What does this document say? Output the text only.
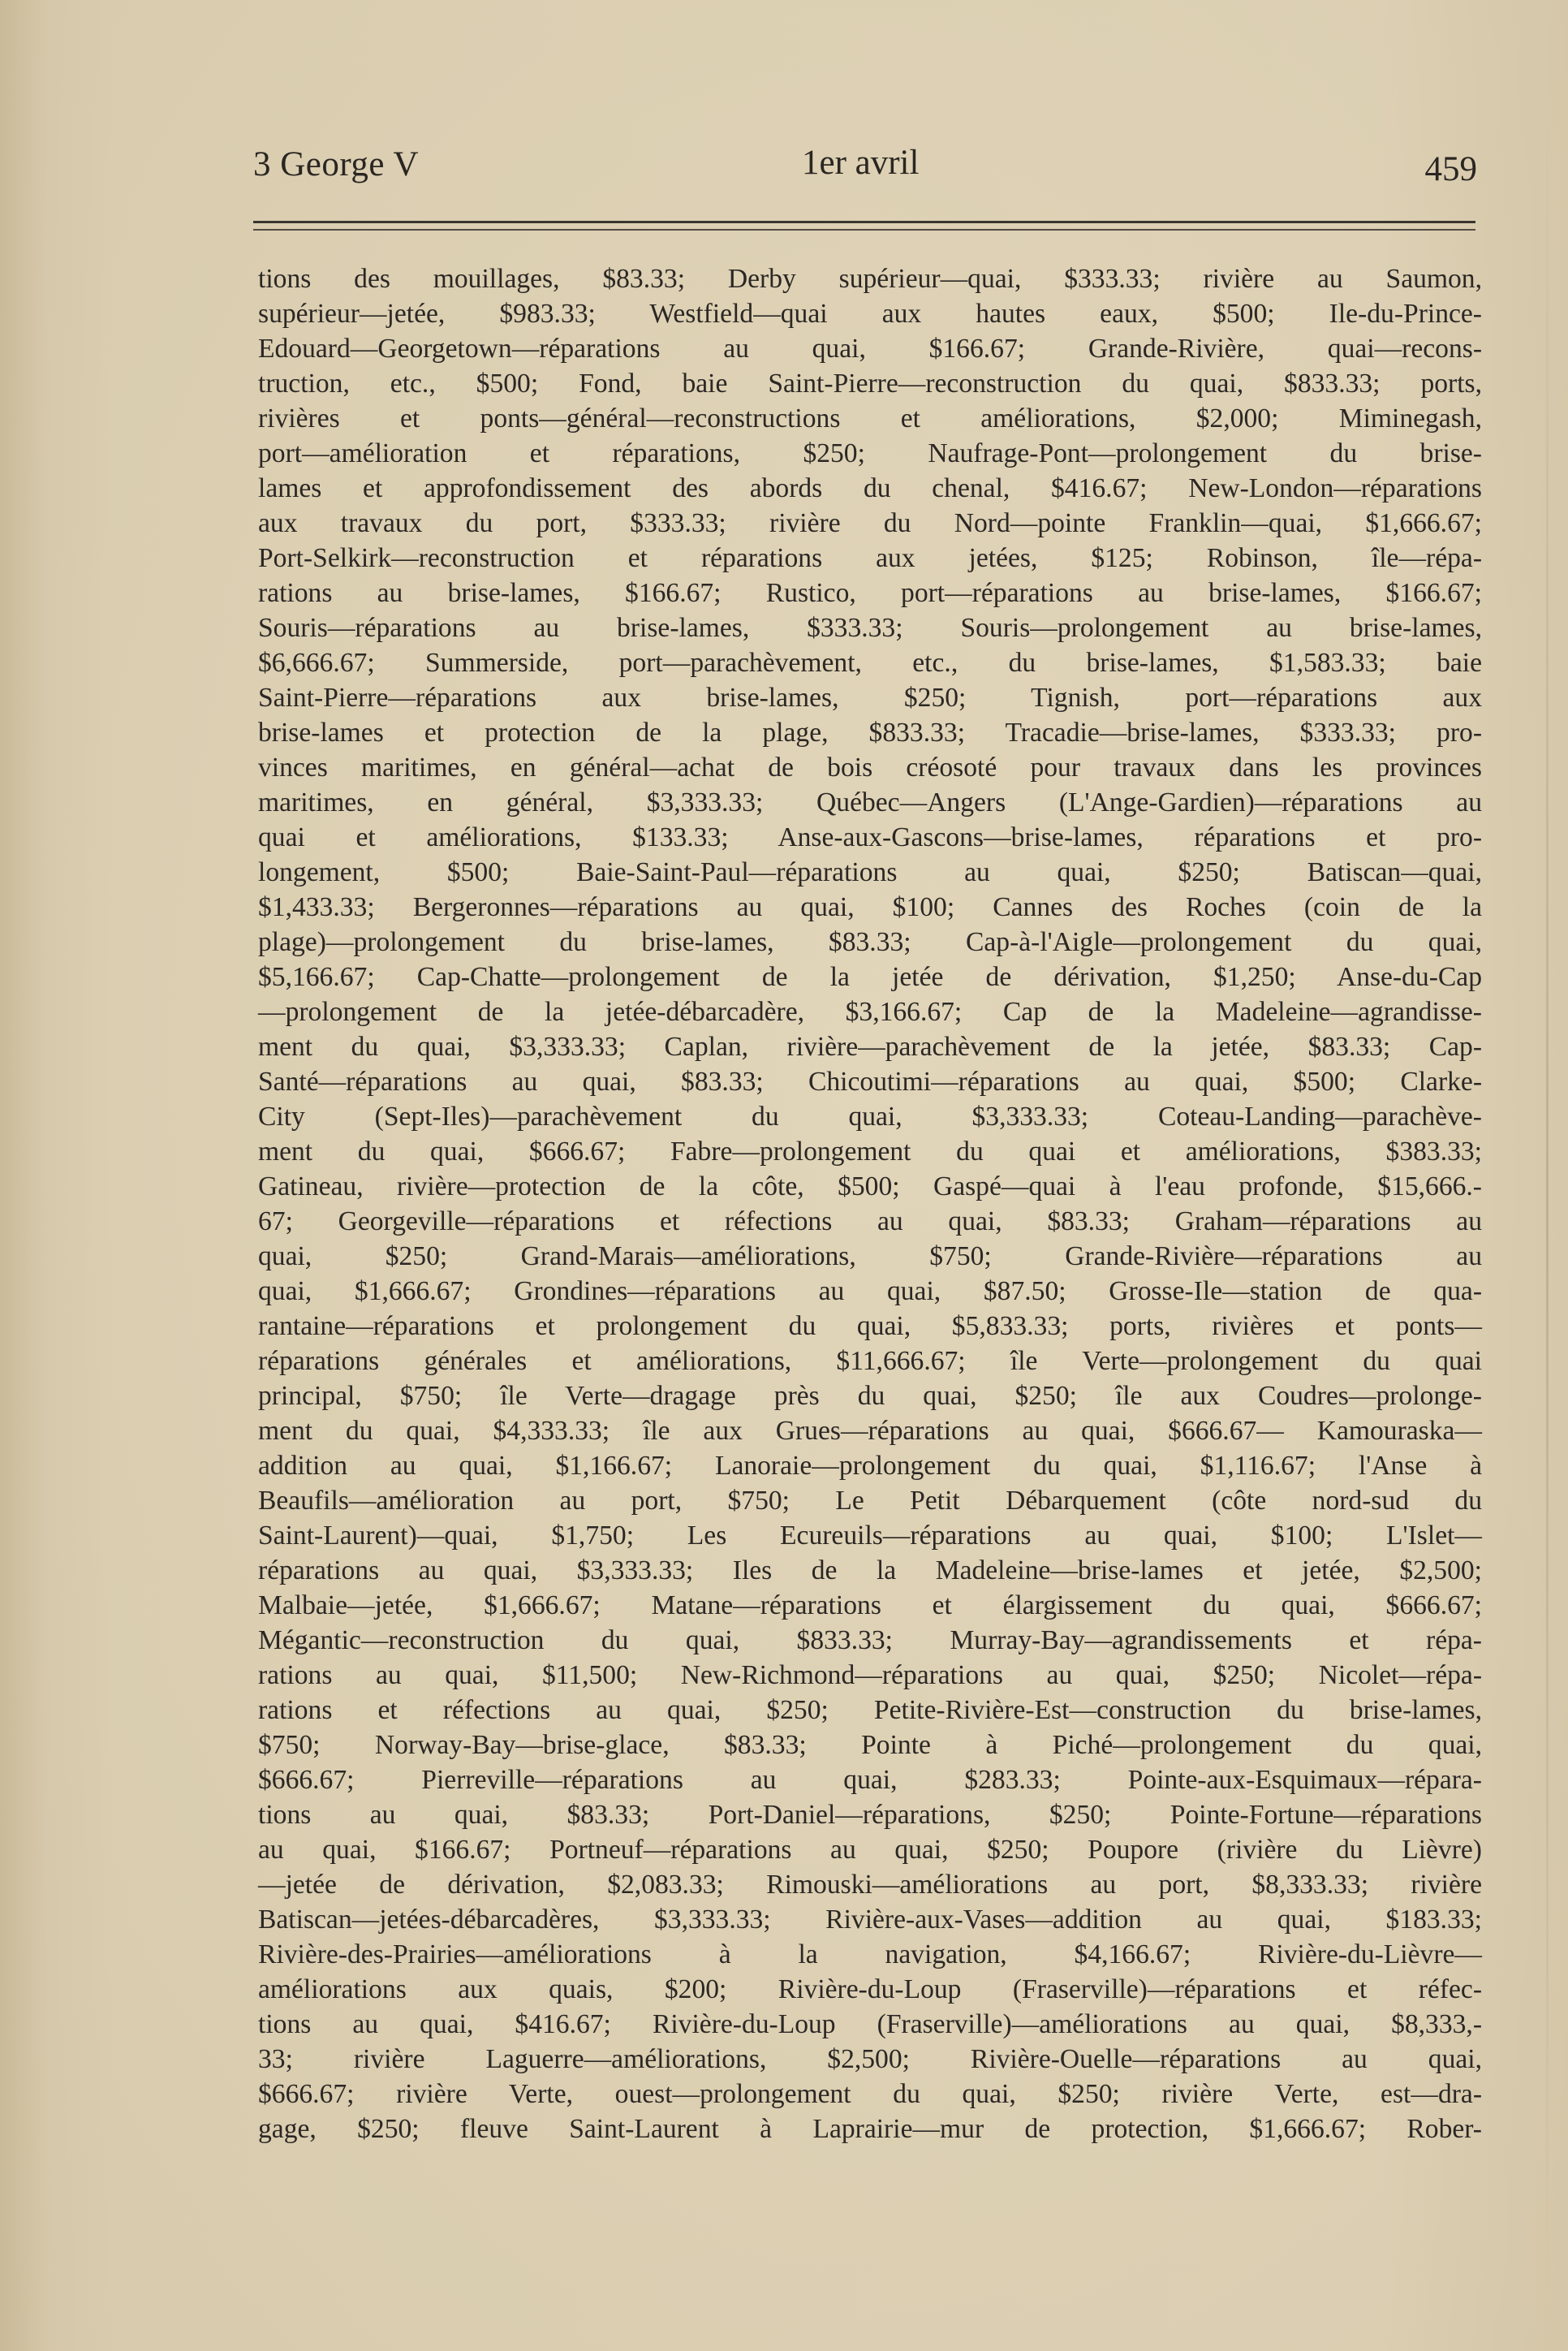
3 George V	1er avril	459
tions des mouillages, $83.33; Derby supérieur—quai, $333.33; rivière au Saumon,
supérieur—jetée, $983.33; Westfield—quai aux hautes eaux, $500; Ile-du-Prince-
Edouard—Georgetown—réparations au quai, $166.67; Grande-Rivière, quai—recons-
truction, etc., $500; Fond, baie Saint-Pierre—reconstruction du quai, $833.33; ports,
rivières et ponts—général—reconstructions et améliorations, $2,000; Miminegash,
port—amélioration et réparations, $250; Naufrage-Pont—prolongement du brise-
lames et approfondissement des abords du chenal, $416.67; New-London—réparations
aux travaux du port, $333.33; rivière du Nord—pointe Franklin—quai, $1,666.67;
Port-Selkirk—reconstruction et réparations aux jetées, $125; Robinson, île—répa-
rations au brise-lames, $166.67; Rustico, port—réparations au brise-lames, $166.67;
Souris—réparations au brise-lames, $333.33; Souris—prolongement au brise-lames,
$6,666.67; Summerside, port—parachèvement, etc., du brise-lames, $1,583.33; baie
Saint-Pierre—réparations aux brise-lames, $250; Tignish, port—réparations aux
brise-lames et protection de la plage, $833.33; Tracadie—brise-lames, $333.33; pro-
vinces maritimes, en général—achat de bois créosoté pour travaux dans les provinces
maritimes, en général, $3,333.33; Québec—Angers (L'Ange-Gardien)—réparations au
quai et améliorations, $133.33; Anse-aux-Gascons—brise-lames, réparations et pro-
longement, $500; Baie-Saint-Paul—réparations au quai, $250; Batiscan—quai,
$1,433.33; Bergeronnes—réparations au quai, $100; Cannes des Roches (coin de la
plage)—prolongement du brise-lames, $83.33; Cap-à-l'Aigle—prolongement du quai,
$5,166.67; Cap-Chatte—prolongement de la jetée de dérivation, $1,250; Anse-du-Cap
—prolongement de la jetée-débarcadère, $3,166.67; Cap de la Madeleine—agrandisse-
ment du quai, $3,333.33; Caplan, rivière—parachèvement de la jetée, $83.33; Cap-
Santé—réparations au quai, $83.33; Chicoutimi—réparations au quai, $500; Clarke-
City (Sept-Iles)—parachèvement du quai, $3,333.33; Coteau-Landing—parachève-
ment du quai, $666.67; Fabre—prolongement du quai et améliorations, $383.33;
Gatineau, rivière—protection de la côte, $500; Gaspé—quai à l'eau profonde, $15,666.-
67; Georgeville—réparations et réfections au quai, $83.33; Graham—réparations au
quai, $250; Grand-Marais—améliorations, $750; Grande-Rivière—réparations au
quai, $1,666.67; Grondines—réparations au quai, $87.50; Grosse-Ile—station de qua-
rantaine—réparations et prolongement du quai, $5,833.33; ports, rivières et ponts—
réparations générales et améliorations, $11,666.67; île Verte—prolongement du quai
principal, $750; île Verte—dragage près du quai, $250; île aux Coudres—prolonge-
ment du quai, $4,333.33; île aux Grues—réparations au quai, $666.67— Kamouraska—
addition au quai, $1,166.67; Lanoraie—prolongement du quai, $1,116.67; l'Anse à
Beaufils—amélioration au port, $750; Le Petit Débarquement (côte nord-sud du
Saint-Laurent)—quai, $1,750; Les Ecureuils—réparations au quai, $100; L'Islet—
réparations au quai, $3,333.33; Iles de la Madeleine—brise-lames et jetée, $2,500;
Malbaie—jetée, $1,666.67; Matane—réparations et élargissement du quai, $666.67;
Mégantic—reconstruction du quai, $833.33; Murray-Bay—agrandissements et répa-
rations au quai, $11,500; New-Richmond—réparations au quai, $250; Nicolet—répa-
rations et réfections au quai, $250; Petite-Rivière-Est—construction du brise-lames,
$750; Norway-Bay—brise-glace, $83.33; Pointe à Piché—prolongement du quai,
$666.67; Pierreville—réparations au quai, $283.33; Pointe-aux-Esquimaux—répara-
tions au quai, $83.33; Port-Daniel—réparations, $250; Pointe-Fortune—réparations
au quai, $166.67; Portneuf—réparations au quai, $250; Poupore (rivière du Lièvre)
—jetée de dérivation, $2,083.33; Rimouski—améliorations au port, $8,333.33; rivière
Batiscan—jetées-débarcadères, $3,333.33; Rivière-aux-Vases—addition au quai, $183.33;
Rivière-des-Prairies—améliorations à la navigation, $4,166.67; Rivière-du-Lièvre—
améliorations aux quais, $200; Rivière-du-Loup (Fraserville)—réparations et réfec-
tions au quai, $416.67; Rivière-du-Loup (Fraserville)—améliorations au quai, $8,333,-
33; rivière Laguerre—améliorations, $2,500; Rivière-Ouelle—réparations au quai,
$666.67; rivière Verte, ouest—prolongement du quai, $250; rivière Verte, est—dra-
gage, $250; fleuve Saint-Laurent à Laprairie—mur de protection, $1,666.67; Rober-
